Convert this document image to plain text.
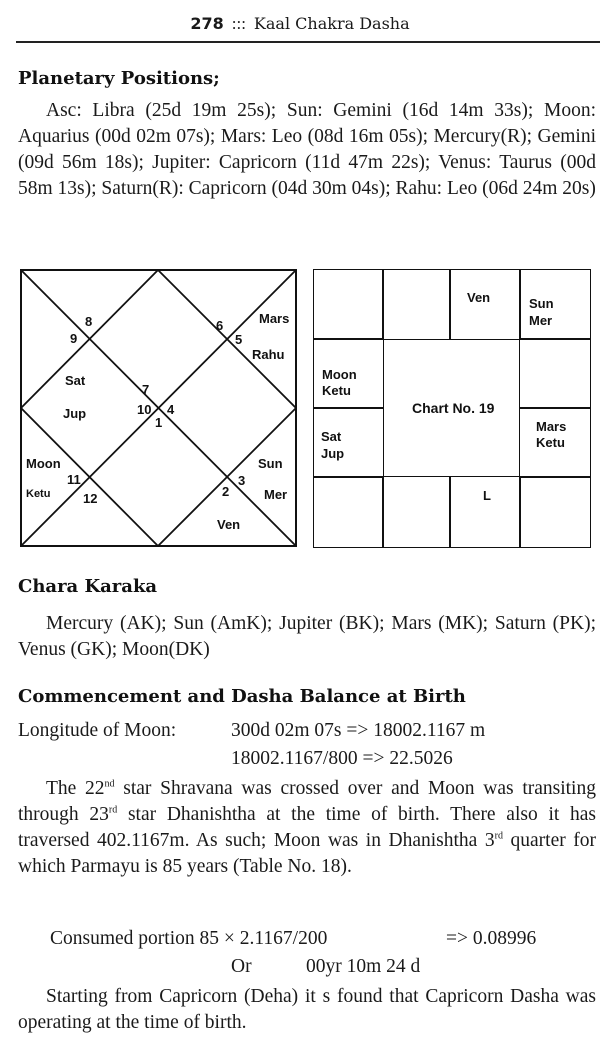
278 ::: Kaal Chakra Dasha
Planetary Positions;

Asc: Libra (25d 19m 25s); Sun: Gemini (16d 14m 33s); Moon: Aquarius (00d 02m 07s); Mars: Leo (08d 16m 05s); Mercury(R); Gemini (09d 56m 18s); Jupiter: Capricorn (11d 47m 22s); Venus: Taurus (00d 58m 13s); Saturn(R): Capricorn (04d 30m 04s); Rahu: Leo (06d 24m 20s)

7
10 4
1
8
9
6
5
11
12
3
2
Mars
Rahu
Sat
Jup
Moon
Ketu
Sun
Mer
Ven
Ven	Sun
Mer
Moon
Ketu
Sat
Jup
Mars
Ketu
Chart No. 19
L
Chara Karaka

Mercury (AK); Sun (AmK); Jupiter (BK); Mars (MK); Saturn (PK); Venus (GK); Moon(DK)

Commencement and Dasha Balance at Birth
Longitude of Moon:	300d 02m 07s => 18002.1167 m
18002.1167/800 => 22.5026

The 22nd star Shravana was crossed over and Moon was transiting through 23rd star Dhanishtha at the time of birth. There also it has traversed 402.1167m. As such; Moon was in Dhanishtha 3rd quarter for which Parmayu is 85 years (Table No. 18).

Consumed portion 85 × 2.1167/200	=> 0.08996
Or	00yr 10m 24 d

Starting from Capricorn (Deha) it s found that Capricorn Dasha was operating at the time of birth.
